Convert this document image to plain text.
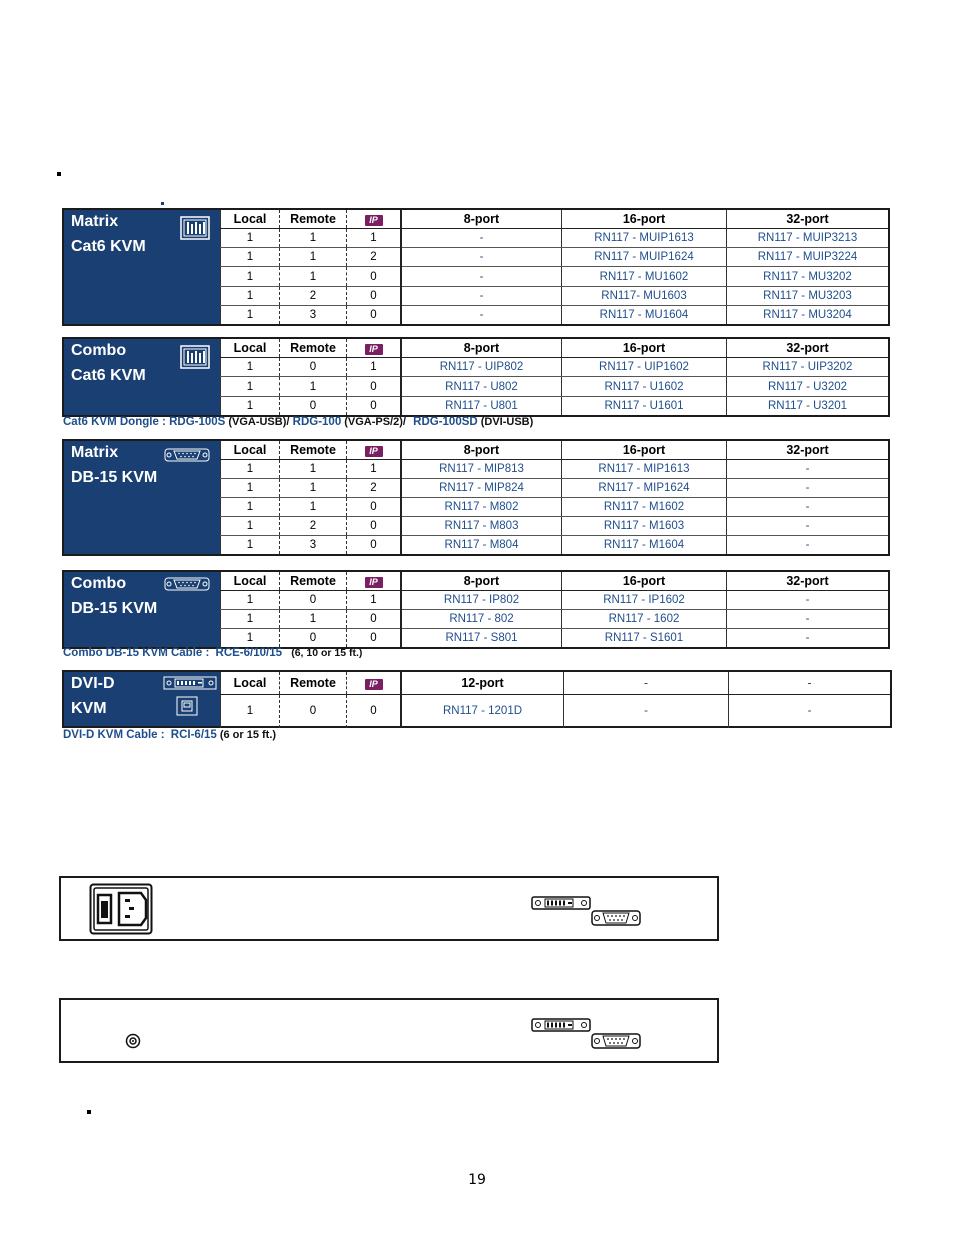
Matrix
Cat6 KVM
Local	Remote	IP	8-port	16-port	32-port
1	1	1	-	RN117 - MUIP1613	RN117 - MUIP3213
1	1	2	-	RN117 - MUIP1624	RN117 - MUIP3224
1	1	0	-	RN117 - MU1602	RN117 - MU3202
1	2	0	-	RN117- MU1603	RN117 - MU3203
1	3	0	-	RN117 - MU1604	RN117 - MU3204
Combo
Cat6 KVM
Local	Remote	IP	8-port	16-port	32-port
1	0	1	RN117 - UIP802	RN117 - UIP1602	RN117 - UIP3202
1	1	0	RN117 - U802	RN117 - U1602	RN117 - U3202
1	0	0	RN117 - U801	RN117 - U1601	RN117 - U3201
Cat6 KVM Dongle : RDG-100S (VGA-USB)/ RDG-100 (VGA-PS/2)/ RDG-100SD (DVI-USB)
Matrix
DB-15 KVM
Local	Remote	IP	8-port	16-port	32-port
1	1	1	RN117 - MIP813	RN117 - MIP1613	-
1	1	2	RN117 - MIP824	RN117 - MIP1624	-
1	1	0	RN117 - M802	RN117 - M1602	-
1	2	0	RN117 - M803	RN117 - M1603	-
1	3	0	RN117 - M804	RN117 - M1604	-
Combo
DB-15 KVM
Local	Remote	IP	8-port	16-port	32-port
1	0	1	RN117 - IP802	RN117 - IP1602	-
1	1	0	RN117 - 802	RN117 - 1602	-
1	0	0	RN117 - S801	RN117 - S1601	-
Combo DB-15 KVM Cable : RCE-6/10/15 (6, 10 or 15 ft.)
DVI-D
KVM
Local	Remote	IP	12-port	-	-
1	0	0	RN117 - 1201D	-	-
DVI-D KVM Cable : RCI-6/15 (6 or 15 ft.)
19
